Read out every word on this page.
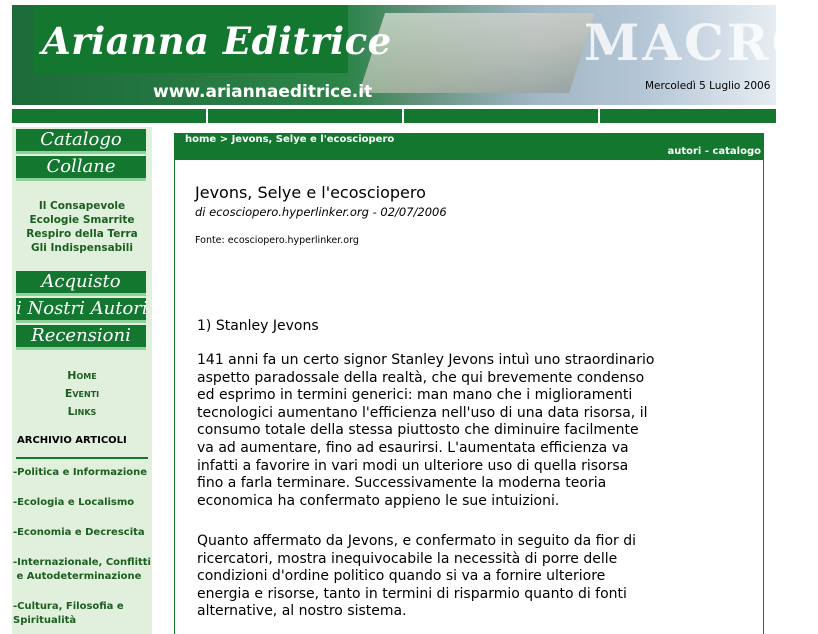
MACRO
Arianna Editrice
www.ariannaeditrice.it	Mercoledì 5 Luglio 2006
Catalogo
Collane
Il Consapevole
Ecologie Smarrite
Respiro della Terra
Gli Indispensabili
Acquisto
i Nostri Autori
Recensioni
Home
Eventi
Links
ARCHIVIO ARTICOLI
-Politica e Informazione
-Ecologia e Localismo
-Economia e Decrescita
-Internazionale, Conflitti
e Autodeterminazione
-Cultura, Filosofia e
Spiritualità
home > Jevons, Selye e l'ecosciopero
autori - catalogo
Jevons, Selye e l'ecosciopero
di ecosciopero.hyperlinker.org - 02/07/2006
Fonte: ecosciopero.hyperlinker.org
1) Stanley Jevons
141 anni fa un certo signor Stanley Jevons intuì uno straordinario
aspetto paradossale della realtà, che qui brevemente condenso
ed esprimo in termini generici: man mano che i miglioramenti
tecnologici aumentano l'efficienza nell'uso di una data risorsa, il
consumo totale della stessa piuttosto che diminuire facilmente
va ad aumentare, fino ad esaurirsi. L'aumentata efficienza va
infatti a favorire in vari modi un ulteriore uso di quella risorsa
fino a farla terminare. Successivamente la moderna teoria
economica ha confermato appieno le sue intuizioni.
Quanto affermato da Jevons, e confermato in seguito da fior di
ricercatori, mostra inequivocabile la necessità di porre delle
condizioni d'ordine politico quando si va a fornire ulteriore
energia e risorse, tanto in termini di risparmio quanto di fonti
alternative, al nostro sistema.
